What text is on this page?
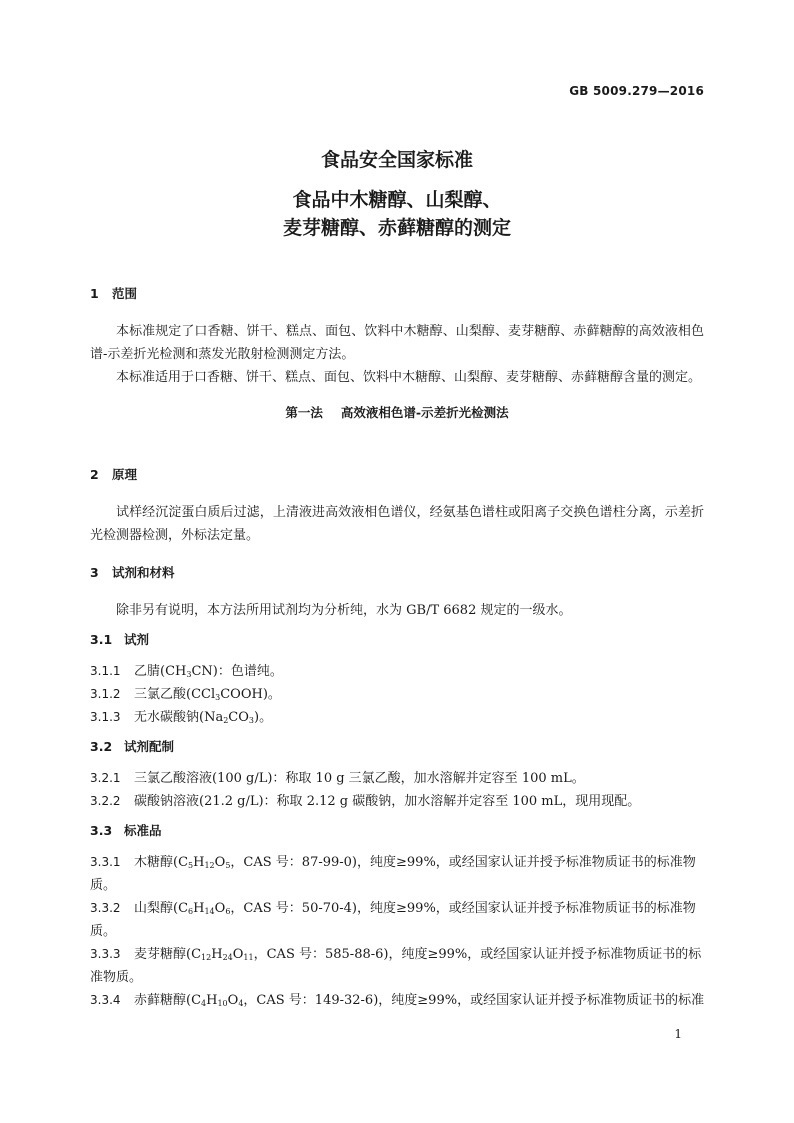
GB 5009.279—2016
食品安全国家标准
食品中木糖醇、山梨醇、
麦芽糖醇、赤藓糖醇的测定
1 范围
本标准规定了口香糖、饼干、糕点、面包、饮料中木糖醇、山梨醇、麦芽糖醇、赤藓糖醇的高效液相色谱-示差折光检测和蒸发光散射检测测定方法。
本标准适用于口香糖、饼干、糕点、面包、饮料中木糖醇、山梨醇、麦芽糖醇、赤藓糖醇含量的测定。
第一法 高效液相色谱-示差折光检测法
2 原理
试样经沉淀蛋白质后过滤，上清液进高效液相色谱仪，经氨基色谱柱或阳离子交换色谱柱分离，示差折光检测器检测，外标法定量。
3 试剂和材料
除非另有说明，本方法所用试剂均为分析纯，水为 GB/T 6682 规定的一级水。
3.1 试剂
3.1.1 乙腈$(CH_3CN)$：色谱纯。
3.1.2 三氯乙酸(CCl$_3$COOH)。
3.1.3 无水碳酸钠$(Na_2CO_3)$。
3.2 试剂配制
3.2.1 三氯乙酸溶液(100 g/L)：称取 10 g 三氯乙酸，加水溶解并定容至 100 mL。
3.2.2 碳酸钠溶液(21.2 g/L)：称取 2.12 g 碳酸钠，加水溶解并定容至 100 mL，现用现配。
3.3 标准品
3.3.1 木糖醇($C_5H_{12}O_5$，CAS 号：87-99-0)，纯度≥99%，或经国家认证并授予标准物质证书的标准物质。
3.3.2 山梨醇($C_6H_{14}O_6$，CAS 号：50-70-4)，纯度≥99%，或经国家认证并授予标准物质证书的标准物质。
3.3.3 麦芽糖醇($C_{12}H_{24}O_{11}$，CAS 号：585-88-6)，纯度≥99%，或经国家认证并授予标准物质证书的标准物质。
3.3.4 赤藓糖醇($C_4H_{10}O_4$，CAS 号：149-32-6)，纯度≥99%，或经国家认证并授予标准物质证书的标准
1
